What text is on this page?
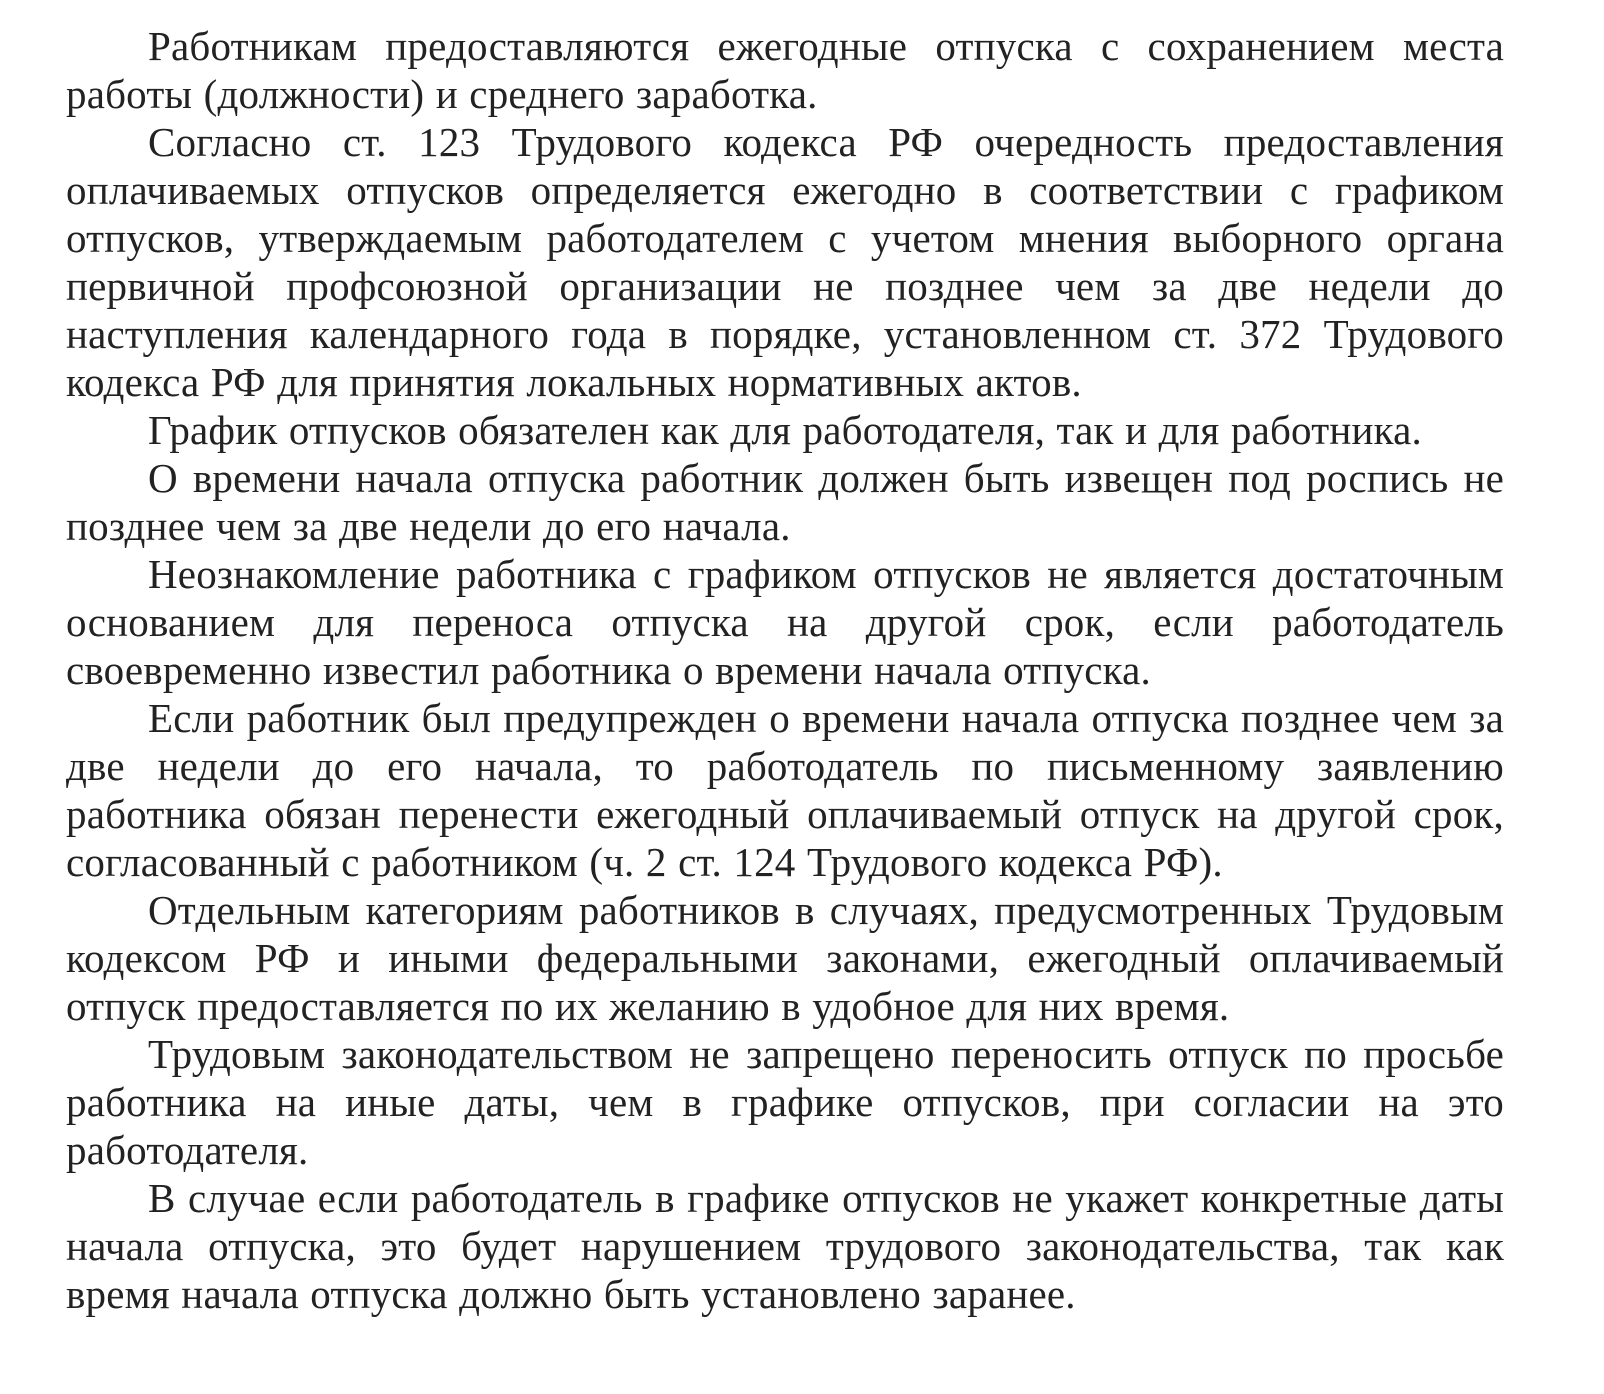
Работникам предоставляются ежегодные отпуска с сохранением места работы (должности) и среднего заработка.

Согласно ст. 123 Трудового кодекса РФ очередность предоставления оплачиваемых отпусков определяется ежегодно в соответствии с графиком отпусков, утверждаемым работодателем с учетом мнения выборного органа первичной профсоюзной организации не позднее чем за две недели до наступления календарного года в порядке, установленном ст. 372 Трудового кодекса РФ для принятия локальных нормативных актов.

График отпусков обязателен как для работодателя, так и для работника.

О времени начала отпуска работник должен быть извещен под роспись не позднее чем за две недели до его начала.

Неознакомление работника с графиком отпусков не является достаточным основанием для переноса отпуска на другой срок, если работодатель своевременно известил работника о времени начала отпуска.

Если работник был предупрежден о времени начала отпуска позднее чем за две недели до его начала, то работодатель по письменному заявлению работника обязан перенести ежегодный оплачиваемый отпуск на другой срок, согласованный с работником (ч. 2 ст. 124 Трудового кодекса РФ).

Отдельным категориям работников в случаях, предусмотренных Трудовым кодексом РФ и иными федеральными законами, ежегодный оплачиваемый отпуск предоставляется по их желанию в удобное для них время.

Трудовым законодательством не запрещено переносить отпуск по просьбе работника на иные даты, чем в графике отпусков, при согласии на это работодателя.

В случае если работодатель в графике отпусков не укажет конкретные даты начала отпуска, это будет нарушением трудового законодательства, так как время начала отпуска должно быть установлено заранее.
